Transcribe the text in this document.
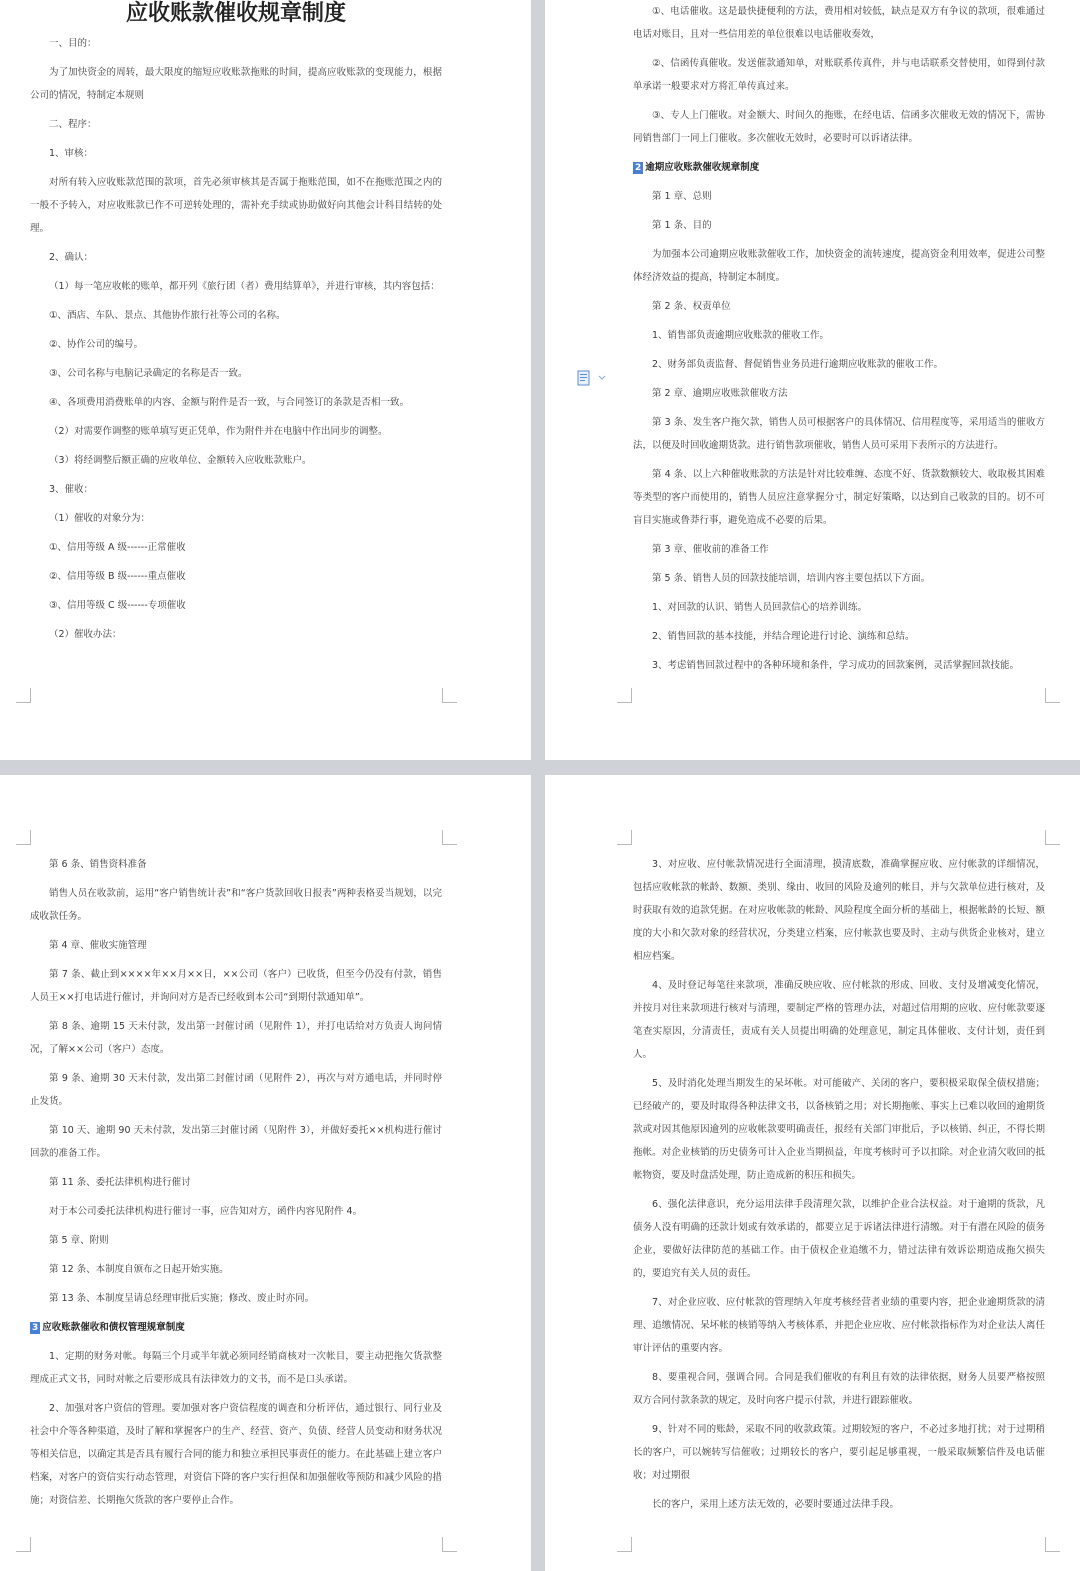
应收账款催收规章制度
一、目的：
为了加快资金的周转，最大限度的缩短应收账款拖账的时间，提高应收账款的变现能力，根据公司的情况，特制定本规则
二、程序：
1、审核：
对所有转入应收账款范围的款项，首先必须审核其是否属于拖账范围，如不在拖账范围之内的一般不予转入，对应收账款已作不可逆转处理的，需补充手续或协助做好向其他会计科目结转的处理。
2、确认：
（1）每一笔应收帐的账单，都开列《旅行团（者）费用结算单》，并进行审核，其内容包括：
①、酒店、车队、景点、其他协作旅行社等公司的名称。
②、协作公司的编号。
③、公司名称与电脑记录确定的名称是否一致。
④、各项费用消费账单的内容、金额与附件是否一致，与合同签订的条款是否相一致。
（2）对需要作调整的账单填写更正凭单，作为附件并在电脑中作出同步的调整。
（3）将经调整后额正确的应收单位、金额转入应收账款账户。
3、催收：
（1）催收的对象分为：
①、信用等级 A 级------正常催收
②、信用等级 B 级------重点催收
③、信用等级 C 级------专项催收
（2）催收办法：
①、电话催收。这是最快捷便利的方法，费用相对较低，缺点是双方有争议的款项，很难通过电话对账目，且对一些信用差的单位很难以电话催收奏效，
②、信函传真催收。发送催款通知单，对账联系传真件，并与电话联系交替使用，如得到付款单承诺一般要求对方将汇单传真过来。
③、专人上门催收。对金额大、时间久的拖账，在经电话、信函多次催收无效的情况下，需协同销售部门一同上门催收。多次催收无效时，必要时可以诉诸法律。
2 逾期应收账款催收规章制度
第 1 章、总则
第 1 条、目的
为加强本公司逾期应收账款催收工作，加快资金的流转速度，提高资金利用效率，促进公司整体经济效益的提高，特制定本制度。
第 2 条、权责单位
1、销售部负责逾期应收账款的催收工作。
2、财务部负责监督、督促销售业务员进行逾期应收账款的催收工作。
第 2 章、逾期应收账款催收方法
第 3 条、发生客户拖欠款，销售人员可根据客户的具体情况、信用程度等，采用适当的催收方法，以便及时回收逾期货款。进行销售款项催收，销售人员可采用下表所示的方法进行。
第 4 条、以上六种催收账款的方法是针对比较难缠、态度不好、货款数额较大、收取极其困难等类型的客户而使用的，销售人员应注意掌握分寸，制定好策略，以达到自己收款的目的。切不可盲目实施或鲁莽行事，避免造成不必要的后果。
第 3 章、催收前的准备工作
第 5 条、销售人员的回款技能培训，培训内容主要包括以下方面。
1、对回款的认识、销售人员回款信心的培养训练。
2、销售回款的基本技能，并结合理论进行讨论、演练和总结。
3、考虑销售回款过程中的各种环境和条件，学习成功的回款案例，灵活掌握回款技能。
第 6 条、销售资料准备
销售人员在收款前，运用“客户销售统计表”和“客户货款回收日报表”两种表格妥当规划，以完成收款任务。
第 4 章、催收实施管理
第 7 条、截止到××××年××月××日，××公司（客户）已收货，但至今仍没有付款，销售人员王××打电话进行催讨，并询问对方是否已经收到本公司“到期付款通知单”。
第 8 条、逾期 15 天未付款，发出第一封催讨函（见附件 1），并打电话给对方负责人询问情况，了解××公司（客户）态度。
第 9 条、逾期 30 天未付款，发出第二封催讨函（见附件 2），再次与对方通电话，并同时停止发货。
第 10 天、逾期 90 天未付款，发出第三封催讨函（见附件 3），并做好委托××机构进行催讨回款的准备工作。
第 11 条、委托法律机构进行催讨
对于本公司委托法律机构进行催讨一事，应告知对方，函件内容见附件 4。
第 5 章、附则
第 12 条、本制度自颁布之日起开始实施。
第 13 条、本制度呈请总经理审批后实施；修改、废止时亦同。
3 应收账款催收和债权管理规章制度
1、定期的财务对帐。每隔三个月或半年就必须同经销商核对一次帐目，要主动把拖欠货款整理成正式文书，同时对帐之后要形成具有法律效力的文书，而不是口头承诺。
2、加强对客户资信的管理。要加强对客户资信程度的调查和分析评估，通过银行、同行业及社会中介等各种渠道，及时了解和掌握客户的生产、经营、资产、负债、经营人员变动和财务状况等相关信息，以确定其是否具有履行合同的能力和独立承担民事责任的能力。在此基础上建立客户档案，对客户的资信实行动态管理，对资信下降的客户实行担保和加强催收等预防和减少风险的措施；对资信差、长期拖欠货款的客户要停止合作。
3、对应收、应付帐款情况进行全面清理，摸清底数，准确掌握应收、应付帐款的详细情况，包括应收帐款的帐龄、数额、类别、缘由、收回的风险及逾列的帐目，并与欠款单位进行核对，及时获取有效的追款凭据。在对应收帐款的帐龄、风险程度全面分析的基础上，根据帐龄的长短、额度的大小和欠款对象的经营状况，分类建立档案，应付帐款也要及时、主动与供货企业核对，建立相应档案。
4、及时登记每笔往来款项，准确反映应收、应付帐款的形成、回收、支付及增减变化情况，并按月对往来款项进行核对与清理，要制定严格的管理办法，对超过信用期的应收、应付帐款要逐笔查实原因，分清责任，责成有关人员提出明确的处理意见，制定具体催收、支付计划，责任到人。
5、及时消化处理当期发生的呆坏帐。对可能破产、关闭的客户，要积极采取保全债权措施；已经破产的，要及时取得各种法律文书，以备核销之用；对长期拖帐、事实上已难以收回的逾期货款或对因其他原因逾列的应收帐款要明确责任，报经有关部门审批后，予以核销、纠正，不得长期拖帐。对企业核销的历史债务可计入企业当期损益，年度考核时可予以扣除。对企业清欠收回的抵帐物资，要及时盘活处理，防止造成新的积压和损失。
6、强化法律意识，充分运用法律手段清理欠款，以维护企业合法权益。对于逾期的货款，凡债务人没有明确的还款计划或有效承诺的，都要立足于诉诸法律进行清缴。对于有潜在风险的债务企业，要做好法律防范的基础工作。由于债权企业追缴不力，错过法律有效诉讼期造成拖欠损失的，要追究有关人员的责任。
7、对企业应收、应付帐款的管理纳入年度考核经营者业绩的重要内容，把企业逾期货款的清理、追缴情况、呆坏帐的核销等纳入考核体系，并把企业应收、应付帐款指标作为对企业法人离任审计评估的重要内容。
8、要重视合同，强调合同。合同是我们催收的有利且有效的法律依据，财务人员要严格按照双方合同付款条款的规定，及时向客户提示付款，并进行跟踪催收。
9、针对不同的账龄，采取不同的收款政策。过期较短的客户，不必过多地打扰；对于过期稍长的客户，可以婉转写信催收；过期较长的客户，要引起足够重视，一般采取频繁信件及电话催收；对过期很
长的客户，采用上述方法无效的，必要时要通过法律手段。
